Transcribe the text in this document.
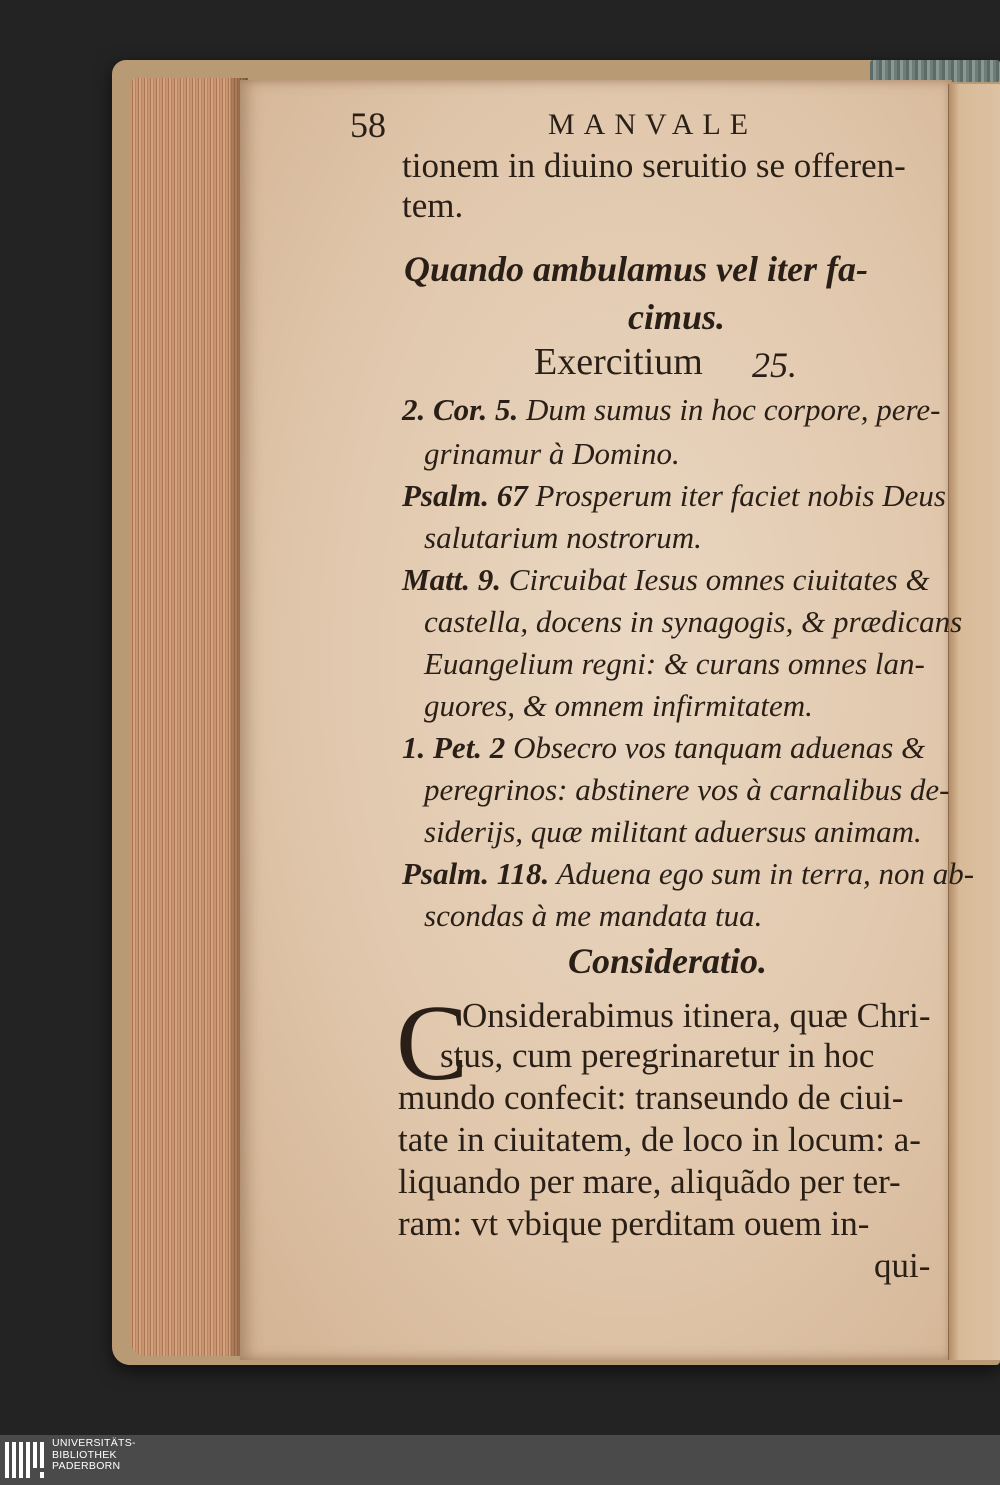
58	MANVALE
tionem in diuino seruitio se offeren-
tem.
Quando ambulamus vel iter fa-
cimus.
Exercitium 25.
2. Cor. 5. Dum sumus in hoc corpore, pere-
grinamur à Domino.
Psalm. 67 Prosperum iter faciet nobis Deus
salutarium nostrorum.
Matt. 9. Circuibat Iesus omnes ciuitates &
castella, docens in synagogis, & prædicans
Euangelium regni: & curans omnes lan-
guores, & omnem infirmitatem.
1. Pet. 2 Obsecro vos tanquam aduenas &
peregrinos: abstinere vos à carnalibus de-
siderijs, quæ militant aduersus animam.
Psalm. 118. Aduena ego sum in terra, non ab-
scondas à me mandata tua.
Consideratio.
C
Onsiderabimus itinera, quæ Chri-
stus, cum peregrinaretur in hoc
mundo confecit: transeundo de ciui-
tate in ciuitatem, de loco in locum: a-
liquando per mare, aliquãdo per ter-
ram: vt vbique perditam ouem in-
qui-
UNIVERSITÄTS-
BIBLIOTHEK
PADERBORN
